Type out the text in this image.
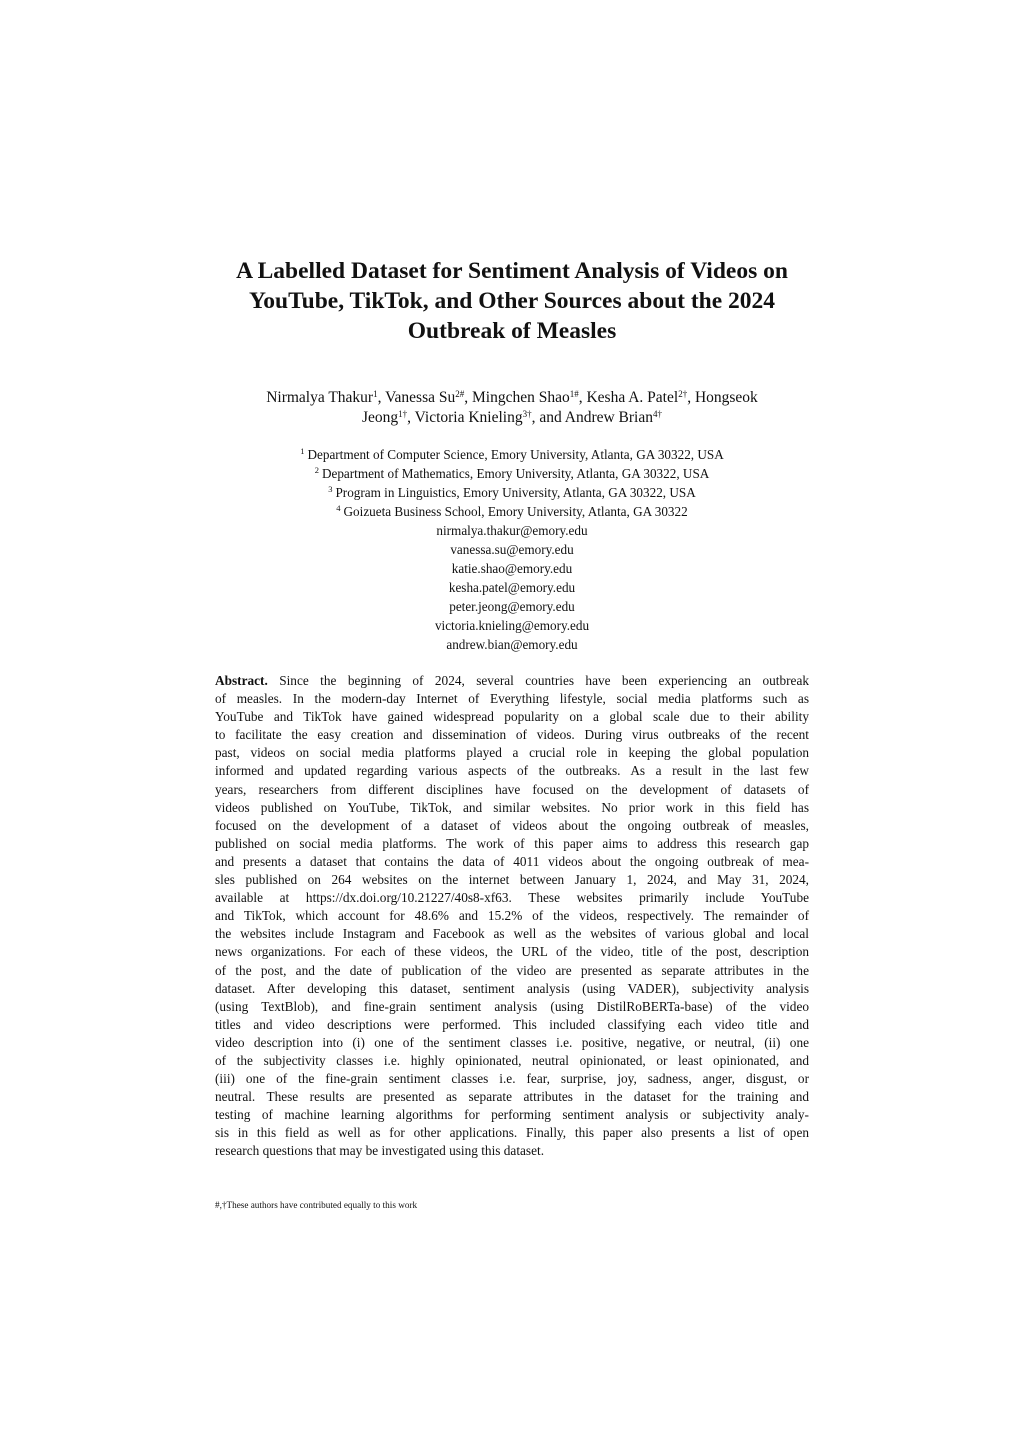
A Labelled Dataset for Sentiment Analysis of Videos on
YouTube, TikTok, and Other Sources about the 2024
Outbreak of Measles
Nirmalya Thakur$^1$, Vanessa $Su^{2\#}$, Mingchen Shao$^{1\#}$, Kesha A. Patel$^{2\dagger}$, Hongseok
Jeong$^{1\dagger}$, Victoria Knieling$^{3\dagger}$, and Andrew Brian$^{4\dagger}$
$^1$ Department of Computer Science, Emory University, Atlanta, GA 30322, USA
$^2$ Department of Mathematics, Emory University, Atlanta, GA 30322, USA
$^3$ Program in Linguistics, Emory University, Atlanta, GA 30322, USA
$^4$ Goizueta Business School, Emory University, Atlanta, GA 30322
nirmalya.thakur@emory.edu
vanessa.su@emory.edu
katie.shao@emory.edu
kesha.patel@emory.edu
peter.jeong@emory.edu
victoria.knieling@emory.edu
andrew.bian@emory.edu
Abstract. Since the beginning of 2024, several countries have been experiencing an outbreak
of measles. In the modern-day Internet of Everything lifestyle, social media platforms such as
YouTube and TikTok have gained widespread popularity on a global scale due to their ability
to facilitate the easy creation and dissemination of videos. During virus outbreaks of the recent
past, videos on social media platforms played a crucial role in keeping the global population
informed and updated regarding various aspects of the outbreaks. As a result in the last few
years, researchers from different disciplines have focused on the development of datasets of
videos published on YouTube, TikTok, and similar websites. No prior work in this field has
focused on the development of a dataset of videos about the ongoing outbreak of measles,
published on social media platforms. The work of this paper aims to address this research gap
and presents a dataset that contains the data of 4011 videos about the ongoing outbreak of mea-
sles published on 264 websites on the internet between January 1, 2024, and May 31, 2024,
available at https://dx.doi.org/10.21227/40s8-xf63. These websites primarily include YouTube
and TikTok, which account for 48.6% and 15.2% of the videos, respectively. The remainder of
the websites include Instagram and Facebook as well as the websites of various global and local
news organizations. For each of these videos, the URL of the video, title of the post, description
of the post, and the date of publication of the video are presented as separate attributes in the
dataset. After developing this dataset, sentiment analysis (using VADER), subjectivity analysis
(using TextBlob), and fine-grain sentiment analysis (using DistilRoBERTa-base) of the video
titles and video descriptions were performed. This included classifying each video title and
video description into (i) one of the sentiment classes i.e. positive, negative, or neutral, (ii) one
of the subjectivity classes i.e. highly opinionated, neutral opinionated, or least opinionated, and
(iii) one of the fine-grain sentiment classes i.e. fear, surprise, joy, sadness, anger, disgust, or
neutral. These results are presented as separate attributes in the dataset for the training and
testing of machine learning algorithms for performing sentiment analysis or subjectivity analy-
sis in this field as well as for other applications. Finally, this paper also presents a list of open
research questions that may be investigated using this dataset.
#,†These authors have contributed equally to this work
